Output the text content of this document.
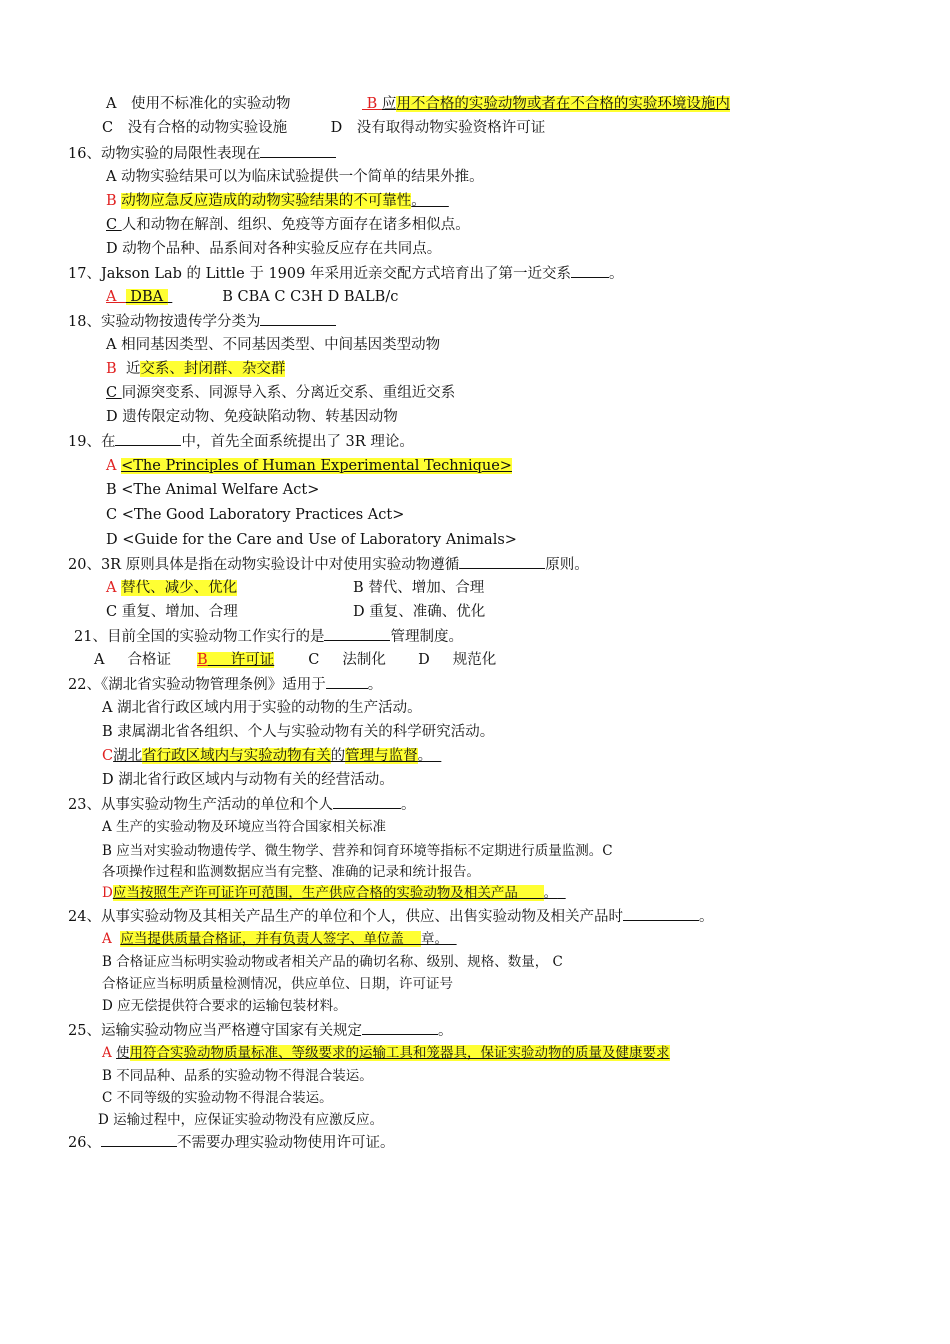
A　使用不标准化的实验动物	B 应用不合格的实验动物或者在不合格的实验环境设施内
C　没有合格的动物实验设施　　　D　没有取得动物实验资格许可证
16、动物实验的局限性表现在
A 动物实验结果可以为临床试验提供一个简单的结果外推。
B 动物应急反应造成的动物实验结果的不可靠性。
C 人和动物在解剖、组织、免疫等方面存在诸多相似点。
D 动物个品种、品系间对各种实验反应存在共同点。
17、Jakson Lab 的 Little 于 1909 年采用近亲交配方式培育出了第一近交系	。
A   DBA	B CBA C C3H D BALB/c
18、实验动物按遗传学分类为
A 相同基因类型、不同基因类型、中间基因类型动物
B  近交系、封闭群、杂交群
C 同源突变系、同源导入系、分离近交系、重组近交系
D 遗传限定动物、免疫缺陷动物、转基因动物
19、在	中，首先全面系统提出了 3R 理论。
A <The Principles of Human Experimental Technique>
B <The Animal Welfare Act>
C <The Good Laboratory Practices Act>
D <Guide for the Care and Use of Laboratory Animals>
20、3R 原则具体是指在动物实验设计中对使用实验动物遵循	原则。
A 替代、减少、优化	B 替代、增加、合理
C 重复、增加、合理	D 重复、准确、优化
21、目前全国的实验动物工作实行的是	管理制度。
A     合格证 B     许可证 C     法制化       D     规范化
22、《湖北省实验动物管理条例》适用于	。
A 湖北省行政区域内用于实验的动物的生产活动。
B 隶属湖北省各组织、个人与实验动物有关的科学研究活动。
C湖北省行政区域内与实验动物有关的管理与监督。
D 湖北省行政区域内与动物有关的经营活动。
23、从事实验动物生产活动的单位和个人	。
A 生产的实验动物及环境应当符合国家相关标准
B 应当对实验动物遗传学、微生物学、营养和饲育环境等指标不定期进行质量监测。C
各项操作过程和监测数据应当有完整、准确的记录和统计报告。
D应当按照生产许可证许可范围，生产供应合格的实验动物及相关产品      。
24、从事实验动物及其相关产品生产的单位和个人，供应、出售实验动物及相关产品时	。
A  应当提供质量合格证，并有负责人签字、单位盖    章。
B 合格证应当标明实验动物或者相关产品的确切名称、级别、规格、数量， C
合格证应当标明质量检测情况，供应单位、日期，许可证号
D 应无偿提供符合要求的运输包装材料。
25、运输实验动物应当严格遵守国家有关规定	。
A 使用符合实验动物质量标准、等级要求的运输工具和笼器具，保证实验动物的质量及健康要求
B 不同品种、品系的实验动物不得混合装运。
C 不同等级的实验动物不得混合装运。
D 运输过程中，应保证实验动物没有应激反应。
26、	不需要办理实验动物使用许可证。
